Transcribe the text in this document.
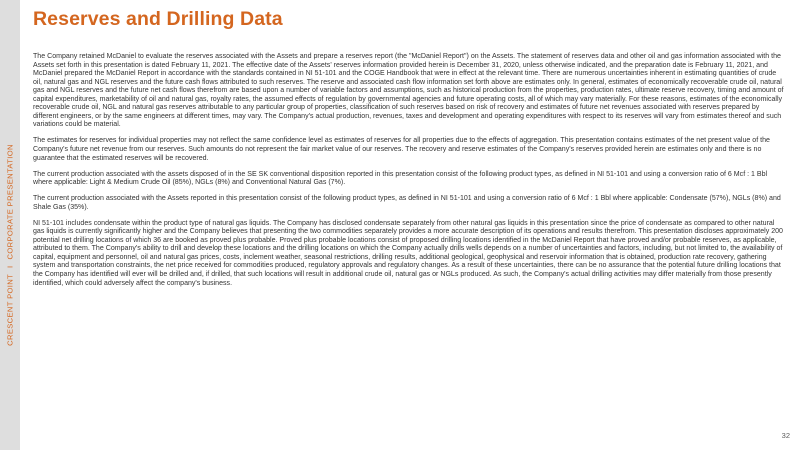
CRESCENT POINTICORPORATE PRESENTATION
Reserves and Drilling Data

The Company retained McDaniel to evaluate the reserves associated with the Assets and prepare a reserves report (the "McDaniel Report") on the Assets. The statement of reserves data and other oil and gas information associated with the Assets set forth in this presentation is dated February 11, 2021. The effective date of the Assets' reserves information provided herein is December 31, 2020, unless otherwise indicated, and the preparation date is February 11, 2021, and McDaniel prepared the McDaniel Report in accordance with the standards contained in NI 51-101 and the COGE Handbook that were in effect at the relevant time. There are numerous uncertainties inherent in estimating quantities of crude oil, natural gas and NGL reserves and the future cash flows attributed to such reserves. The reserve and associated cash flow information set forth above are estimates only. In general, estimates of economically recoverable crude oil, natural gas and NGL reserves and the future net cash flows therefrom are based upon a number of variable factors and assumptions, such as historical production from the properties, production rates, ultimate reserve recovery, timing and amount of capital expenditures, marketability of oil and natural gas, royalty rates, the assumed effects of regulation by governmental agencies and future operating costs, all of which may vary materially. For these reasons, estimates of the economically recoverable crude oil, NGL and natural gas reserves attributable to any particular group of properties, classification of such reserves based on risk of recovery and estimates of future net revenues associated with reserves prepared by different engineers, or by the same engineers at different times, may vary. The Company's actual production, revenues, taxes and development and operating expenditures with respect to its reserves will vary from estimates thereof and such variations could be material.

The estimates for reserves for individual properties may not reflect the same confidence level as estimates of reserves for all properties due to the effects of aggregation. This presentation contains estimates of the net present value of the Company's future net revenue from our reserves. Such amounts do not represent the fair market value of our reserves. The recovery and reserve estimates of the Company's reserves provided herein are estimates only and there is no guarantee that the estimated reserves will be recovered.

The current production associated with the assets disposed of in the SE SK conventional disposition reported in this presentation consist of the following product types, as defined in NI 51-101 and using a conversion ratio of 6 Mcf : 1 Bbl where applicable: Light & Medium Crude Oil (85%), NGLs (8%) and Conventional Natural Gas (7%).

The current production associated with the Assets reported in this presentation consist of the following product types, as defined in NI 51-101 and using a conversion ratio of 6 Mcf : 1 Bbl where applicable: Condensate (57%), NGLs (8%) and Shale Gas (35%).

NI 51-101 includes condensate within the product type of natural gas liquids. The Company has disclosed condensate separately from other natural gas liquids in this presentation since the price of condensate as compared to other natural gas liquids is currently significantly higher and the Company believes that presenting the two commodities separately provides a more accurate description of its operations and results therefrom. This presentation discloses approximately 200 potential net drilling locations of which 36 are booked as proved plus probable. Proved plus probable locations consist of proposed drilling locations identified in the McDaniel Report that have proved and/or probable reserves, as applicable, attributed to them. The Company's ability to drill and develop these locations and the drilling locations on which the Company actually drills wells depends on a number of uncertainties and factors, including, but not limited to, the availability of capital, equipment and personnel, oil and natural gas prices, costs, inclement weather, seasonal restrictions, drilling results, additional geological, geophysical and reservoir information that is obtained, production rate recovery, gathering system and transportation constraints, the net price received for commodities produced, regulatory approvals and regulatory changes. As a result of these uncertainties, there can be no assurance that the potential future drilling locations that the Company has identified will ever will be drilled and, if drilled, that such locations will result in additional crude oil, natural gas or NGLs produced. As such, the Company's actual drilling activities may differ materially from those presently identified, which could adversely affect the company's business.

32
